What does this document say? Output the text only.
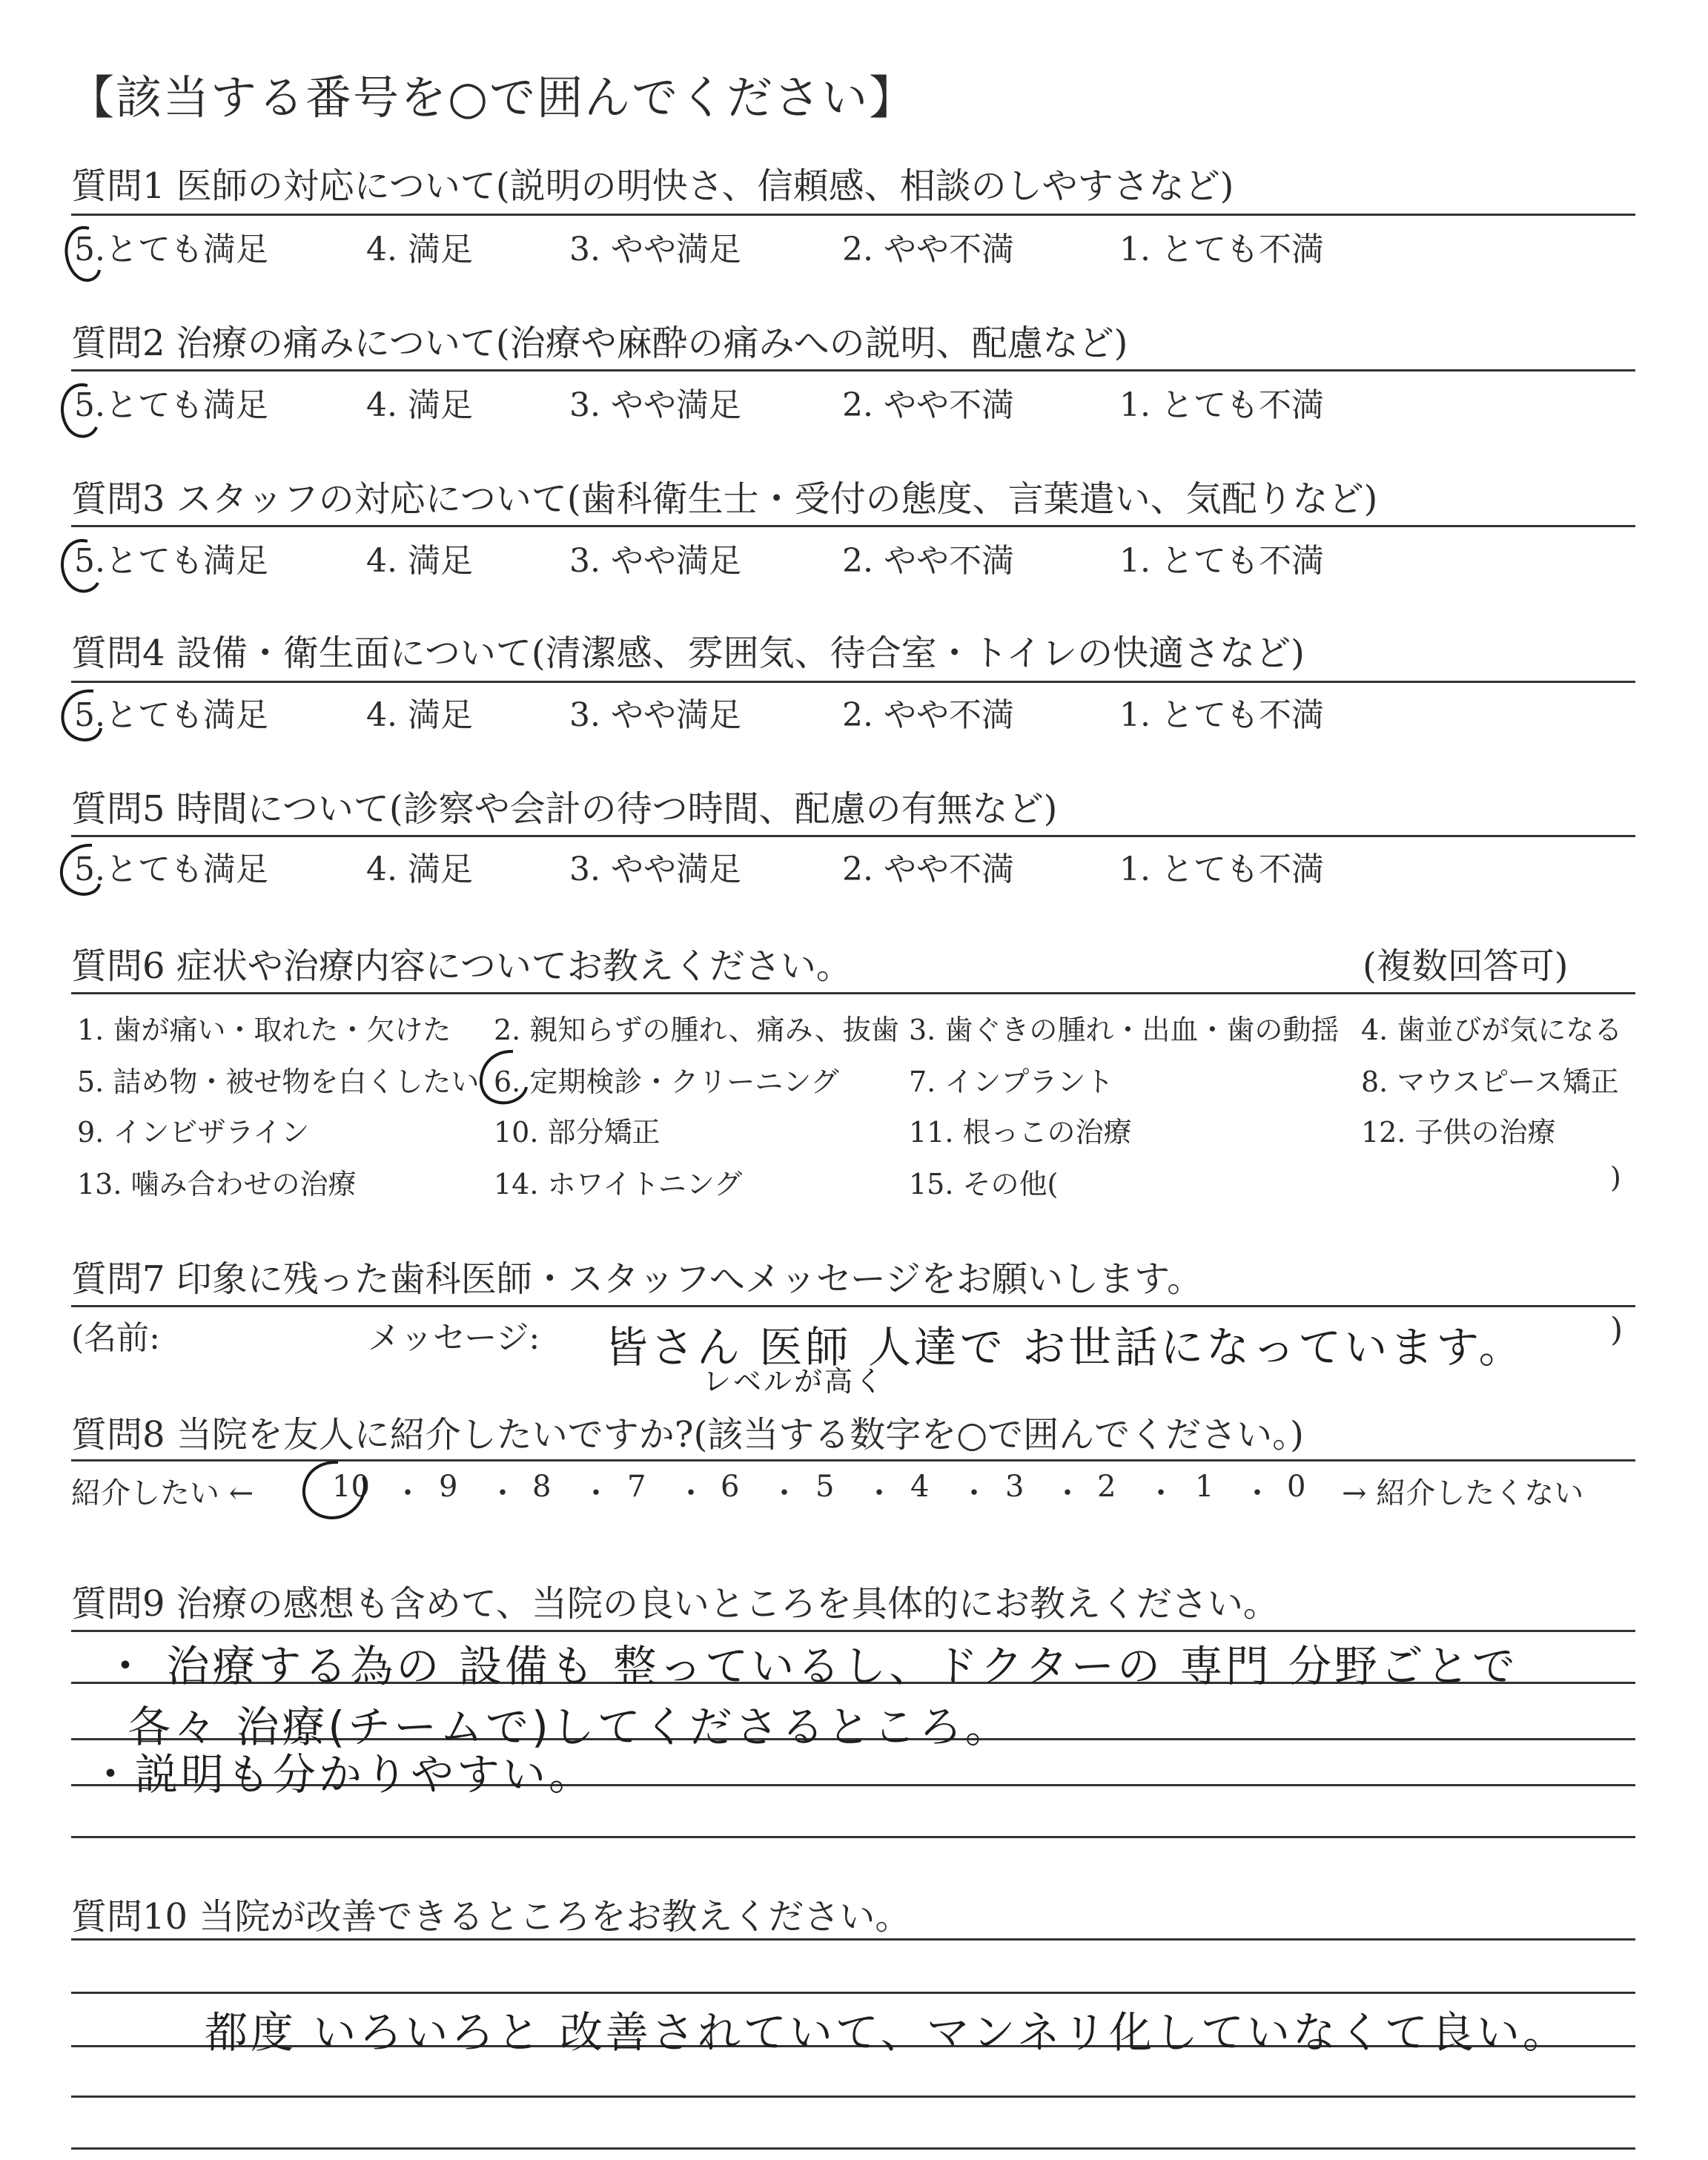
【該当する番号を○で囲んでください】
質問1 医師の対応について(説明の明快さ、信頼感、相談のしやすさなど)
5.とても満足	4. 満足	3. やや満足	2. やや不満	1. とても不満
質問2 治療の痛みについて(治療や麻酔の痛みへの説明、配慮など)
5.とても満足	4. 満足	3. やや満足	2. やや不満	1. とても不満
質問3 スタッフの対応について(歯科衛生士・受付の態度、言葉遣い、気配りなど)
5.とても満足	4. 満足	3. やや満足	2. やや不満	1. とても不満
質問4 設備・衛生面について(清潔感、雰囲気、待合室・トイレの快適さなど)
5.とても満足	4. 満足	3. やや満足	2. やや不満	1. とても不満
質問5 時間について(診察や会計の待つ時間、配慮の有無など)
5.とても満足	4. 満足	3. やや満足	2. やや不満	1. とても不満
質問6 症状や治療内容についてお教えください。	(複数回答可)
1. 歯が痛い・取れた・欠けた 2. 親知らずの腫れ、痛み、抜歯 3. 歯ぐきの腫れ・出血・歯の動揺 4. 歯並びが気になる
5. 詰め物・被せ物を白くしたい 6. 定期検診・クリーニング 7. インプラント	8. マウスピース矯正
9. インビザライン	10. 部分矯正	11. 根っこの治療	12. 子供の治療
13. 噛み合わせの治療	14. ホワイトニング	15. その他(	)
質問7 印象に残った歯科医師・スタッフへメッセージをお願いします。
(名前:	メッセージ:	)
レベルが高く
皆さん 医師 人達で お世話になっています。
質問8 当院を友人に紹介したいですか?(該当する数字を○で囲んでください。)
紹介したい ←	10 ・ 9 ・ 8 ・ 7 ・ 6 ・ 5 ・ 4 ・ 3 ・ 2 ・ 1 ・ 0 → 紹介したくない
質問9 治療の感想も含めて、当院の良いところを具体的にお教えください。
・ 治療する為の 設備も 整っているし、ドクターの 専門 分野ごとで
各々 治療(チームで)してくださるところ。
・説明も分かりやすい。
質問10 当院が改善できるところをお教えください。
都度 いろいろと 改善されていて、マンネリ化していなくて良い。
